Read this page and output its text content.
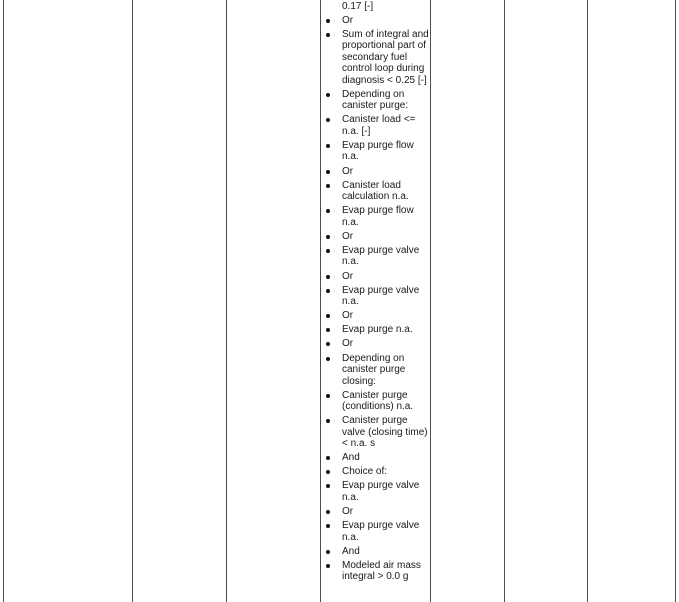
0.17 [-]
Or
Sum of integral and proportional part of secondary fuel control loop during diagnosis < 0.25 [-]
Depending on canister purge:
Canister load <= n.a. [-]
Evap purge flow n.a.
Or
Canister load calculation n.a.
Evap purge flow n.a.
Or
Evap purge valve n.a.
Or
Evap purge valve n.a.
Or
Evap purge n.a.
Or
Depending on canister purge closing:
Canister purge (conditions) n.a.
Canister purge valve (closing time) < n.a. s
And
Choice of:
Evap purge valve n.a.
Or
Evap purge valve n.a.
And
Modeled air mass integral > 0.0 g
